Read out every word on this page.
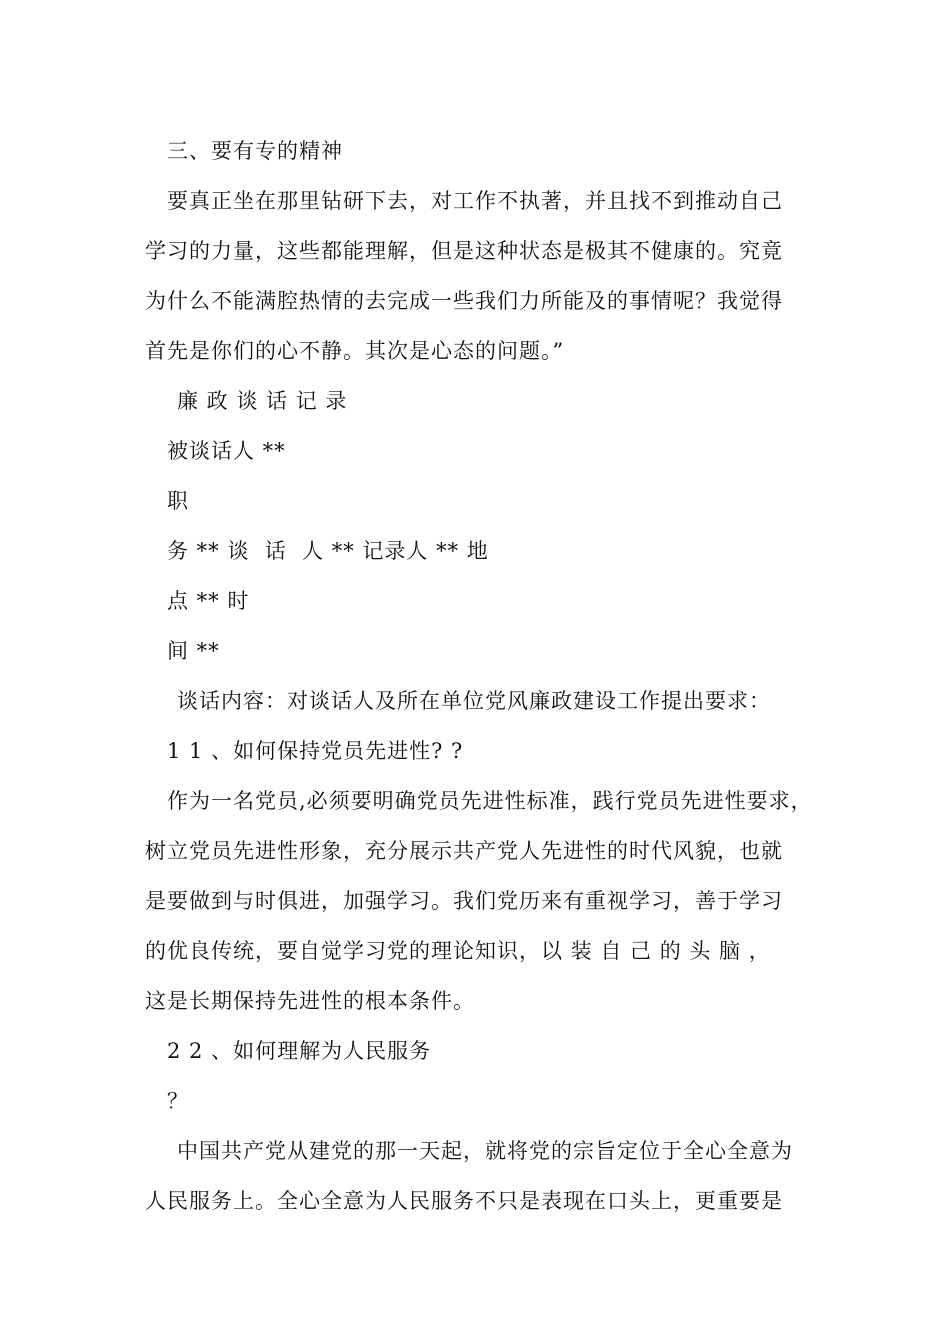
三、要有专的精神
要真正坐在那里钻研下去，对工作不执著，并且找不到推动自己
学习的力量，这些都能理解，但是这种状态是极其不健康的。究竟
为什么不能满腔热情的去完成一些我们力所能及的事情呢？我觉得
首先是你们的心不静。其次是心态的问题。”
廉 政 谈 话 记 录
被谈话人 **
职
务 ** 谈  话  人 ** 记录人 ** 地
点 ** 时
间 **
谈话内容：对谈话人及所在单位党风廉政建设工作提出要求：
1 1 、如何保持党员先进性? ?
作为一名党员,必须要明确党员先进性标准，践行党员先进性要求，
树立党员先进性形象，充分展示共产党人先进性的时代风貌，也就
是要做到与时俱进，加强学习。我们党历来有重视学习，善于学习
的优良传统，要自觉学习党的理论知识，以 装 自 己 的 头 脑 ，
这是长期保持先进性的根本条件。
2 2 、如何理解为人民服务
？
中国共产党从建党的那一天起，就将党的宗旨定位于全心全意为
人民服务上。全心全意为人民服务不只是表现在口头上，更重要是
